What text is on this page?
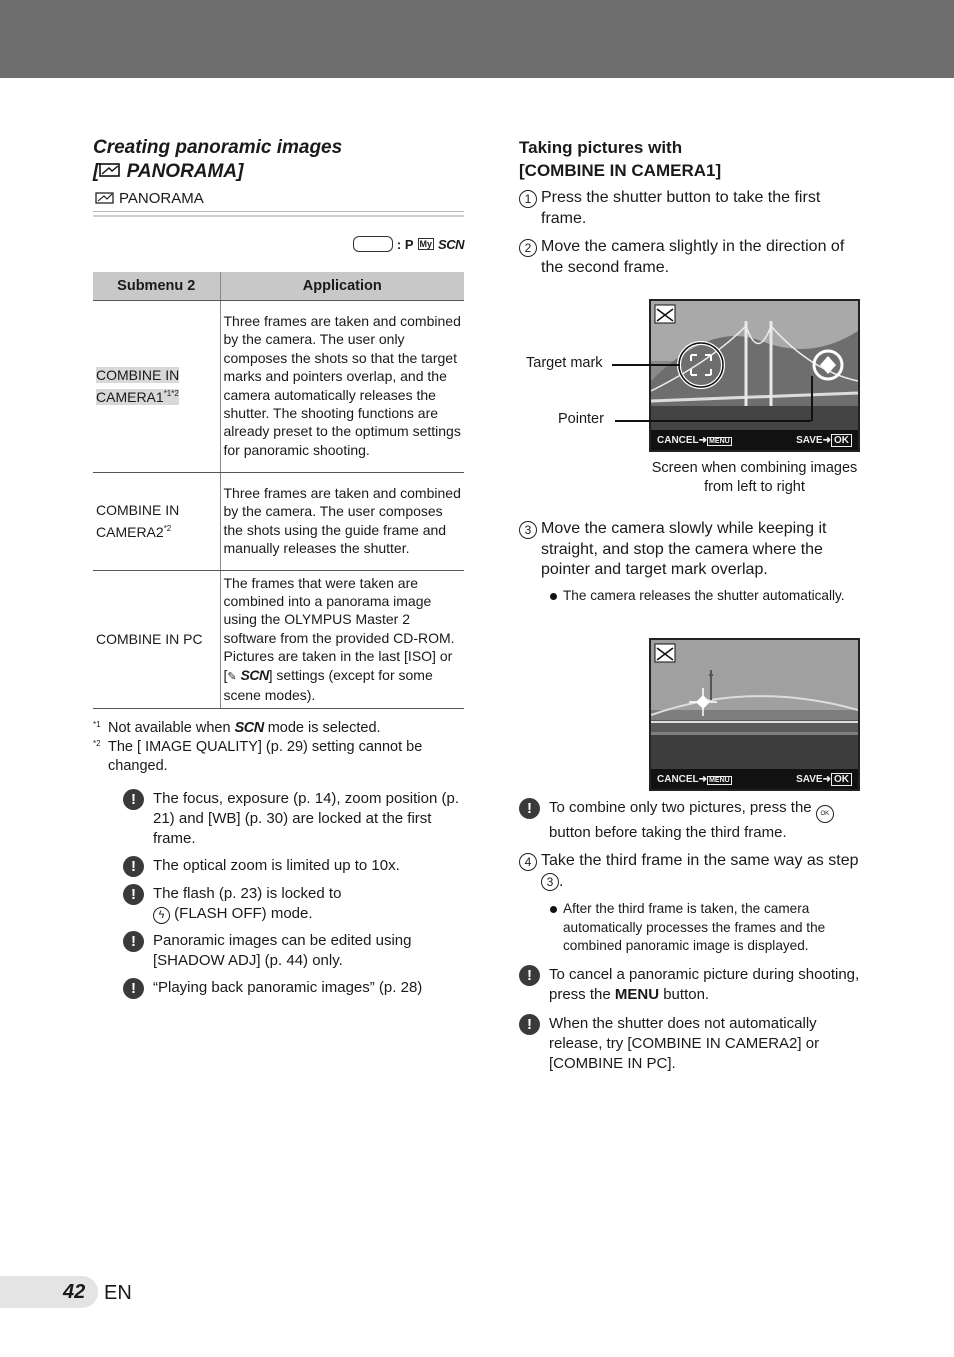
Creating panoramic images
[ PANORAMA]
PANORAMA
: P My SCN
Submenu 2	Application
COMBINE IN $CAMERA1^{*1*2}$	Three frames are taken and combined by the camera. The user only composes the shots so that the target marks and pointers overlap, and the camera automatically releases the shutter. The shooting functions are already preset to the optimum settings for panoramic shooting.
COMBINE IN CAMERA2$^{*2}$	Three frames are taken and combined by the camera. The user composes the shots using the guide frame and manually releases the shutter.
COMBINE IN PC	The frames that were taken are combined into a panorama image using the OLYMPUS Master 2 software from the provided CD-ROM. Pictures are taken in the last [ISO] or [✎ SCN] settings (except for some scene modes).
*1 Not available when SCN mode is selected.
*2 The [ IMAGE QUALITY] (p. 29) setting cannot be changed.
!	The focus, exposure (p. 14), zoom position (p. 21) and [WB] (p. 30) are locked at the first frame.
!	The optical zoom is limited up to 10x.
!	The flash (p. 23) is locked to
ϟ (FLASH OFF) mode.
!	Panoramic images can be edited using [SHADOW ADJ] (p. 44) only.
!	“Playing back panoramic images” (p. 28)
Taking pictures with
[COMBINE IN CAMERA1]
1 Press the shutter button to take the first frame.
2 Move the camera slightly in the direction of the second frame.
3 Move the camera slowly while keeping it straight, and stop the camera where the pointer and target mark overlap.
The camera releases the shutter automatically.
!	To combine only two pictures, press the OK button before taking the third frame.
4 Take the third frame in the same way as step 3 .
After the third frame is taken, the camera automatically processes the frames and the combined panoramic image is displayed.
!	To cancel a panoramic picture during shooting, press the MENU button.
!	When the shutter does not automatically release, try [COMBINE IN CAMERA2] or [COMBINE IN PC].
CANCEL➜ MENU	SAVE➜ OK
Target mark
Pointer
Screen when combining images from left to right
CANCEL➜ MENU	SAVE➜ OK
42 EN
